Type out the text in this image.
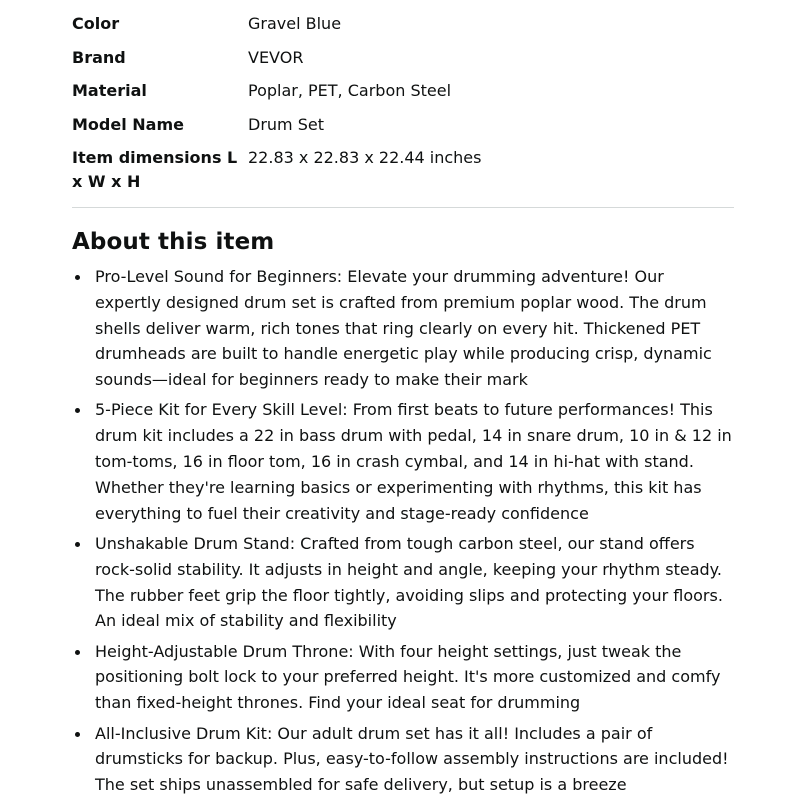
Color	Gravel Blue

Brand	VEVOR

Material	Poplar, PET, Carbon Steel

Model Name	Drum Set

Item dimensions L x W x H	22.83 x 22.83 x 22.44 inches
About this item
Pro-Level Sound for Beginners: Elevate your drumming adventure! Our expertly designed drum set is crafted from premium poplar wood. The drum shells deliver warm, rich tones that ring clearly on every hit. Thickened PET drumheads are built to handle energetic play while producing crisp, dynamic sounds—ideal for beginners ready to make their mark
5-Piece Kit for Every Skill Level: From first beats to future performances! This drum kit includes a 22 in bass drum with pedal, 14 in snare drum, 10 in & 12 in tom-toms, 16 in floor tom, 16 in crash cymbal, and 14 in hi-hat with stand. Whether they're learning basics or experimenting with rhythms, this kit has everything to fuel their creativity and stage-ready confidence
Unshakable Drum Stand: Crafted from tough carbon steel, our stand offers rock-solid stability. It adjusts in height and angle, keeping your rhythm steady. The rubber feet grip the floor tightly, avoiding slips and protecting your floors. An ideal mix of stability and flexibility
Height-Adjustable Drum Throne: With four height settings, just tweak the positioning bolt lock to your preferred height. It's more customized and comfy than fixed-height thrones. Find your ideal seat for drumming
All-Inclusive Drum Kit: Our adult drum set has it all! Includes a pair of drumsticks for backup. Plus, easy-to-follow assembly instructions are included! The set ships unassembled for safe delivery, but setup is a breeze
